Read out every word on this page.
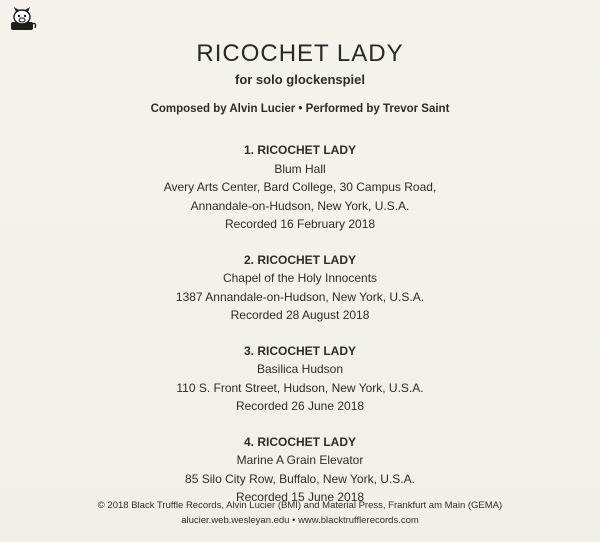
RICOCHET LADY
for solo glockenspiel
Composed by Alvin Lucier • Performed by Trevor Saint
1. RICOCHET LADY
Blum Hall
Avery Arts Center, Bard College, 30 Campus Road,
Annandale-on-Hudson, New York, U.S.A.
Recorded 16 February 2018
2. RICOCHET LADY
Chapel of the Holy Innocents
1387 Annandale-on-Hudson, New York, U.S.A.
Recorded 28 August 2018
3. RICOCHET LADY
Basilica Hudson
110 S. Front Street, Hudson, New York, U.S.A.
Recorded 26 June 2018
4. RICOCHET LADY
Marine A Grain Elevator
85 Silo City Row, Buffalo, New York, U.S.A.
Recorded 15 June 2018
© 2018 Black Truffle Records, Alvin Lucier (BMI) and Material Press, Frankfurt am Main (GEMA)
alucier.web.wesleyan.edu • www.blacktrufflerecords.com
